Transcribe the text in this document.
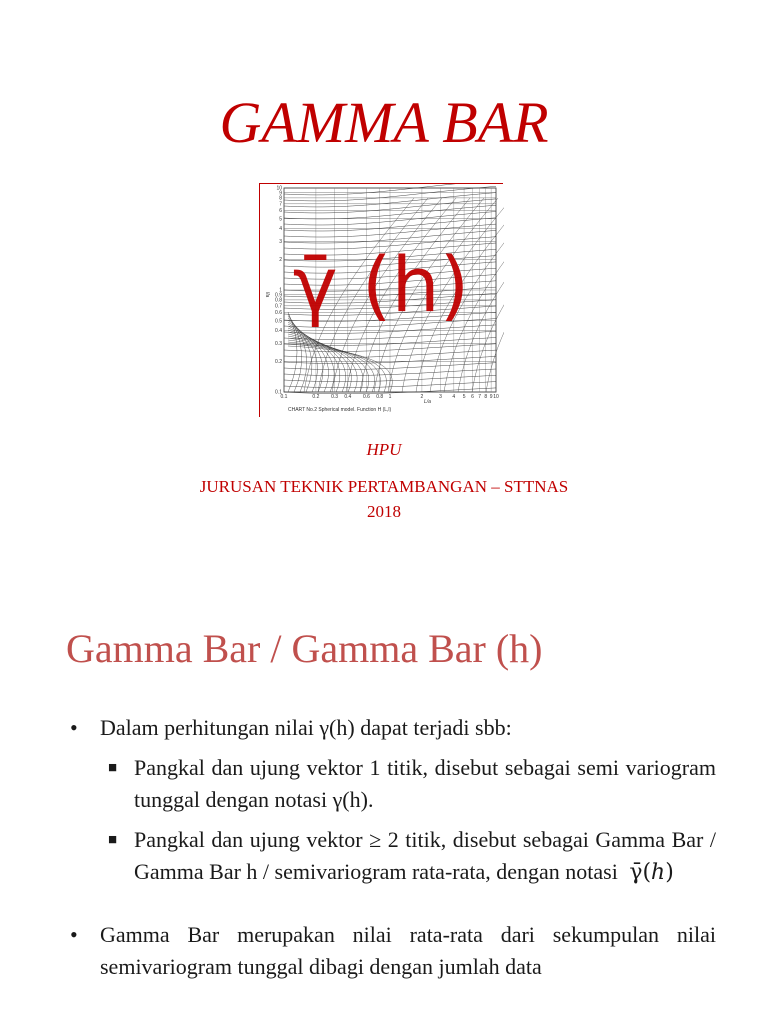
GAMMA BAR
10
9
8
7
6
5
4
3
2
1
0.9
0.8
0.7
0.6
0.5
0.4
0.3
0.2
0.1
0.1	0.2 0.3 0.4 0.6 0.8 1	2	3 4 5 6 7 8 9 10
l/a
L/a
CHART No.2 Spherical model. Function H (L,l)
γ̄ (h)
HPU
JURUSAN TEKNIK PERTAMBANGAN – STTNAS
2018
Gamma Bar / Gamma Bar (h)
• Dalam perhitungan nilai γ(h) dapat terjadi sbb:
■ Pangkal dan ujung vektor 1 titik, disebut sebagai semi variogram tunggal dengan notasi γ(h).
■ Pangkal dan ujung vektor ≥ 2 titik, disebut sebagai Gamma Bar / Gamma Bar h / semivariogram rata-rata, dengan notasi γ̄(ℎ)
• Gamma Bar merupakan nilai rata-rata dari sekumpulan nilai semivariogram tunggal dibagi dengan jumlah data
